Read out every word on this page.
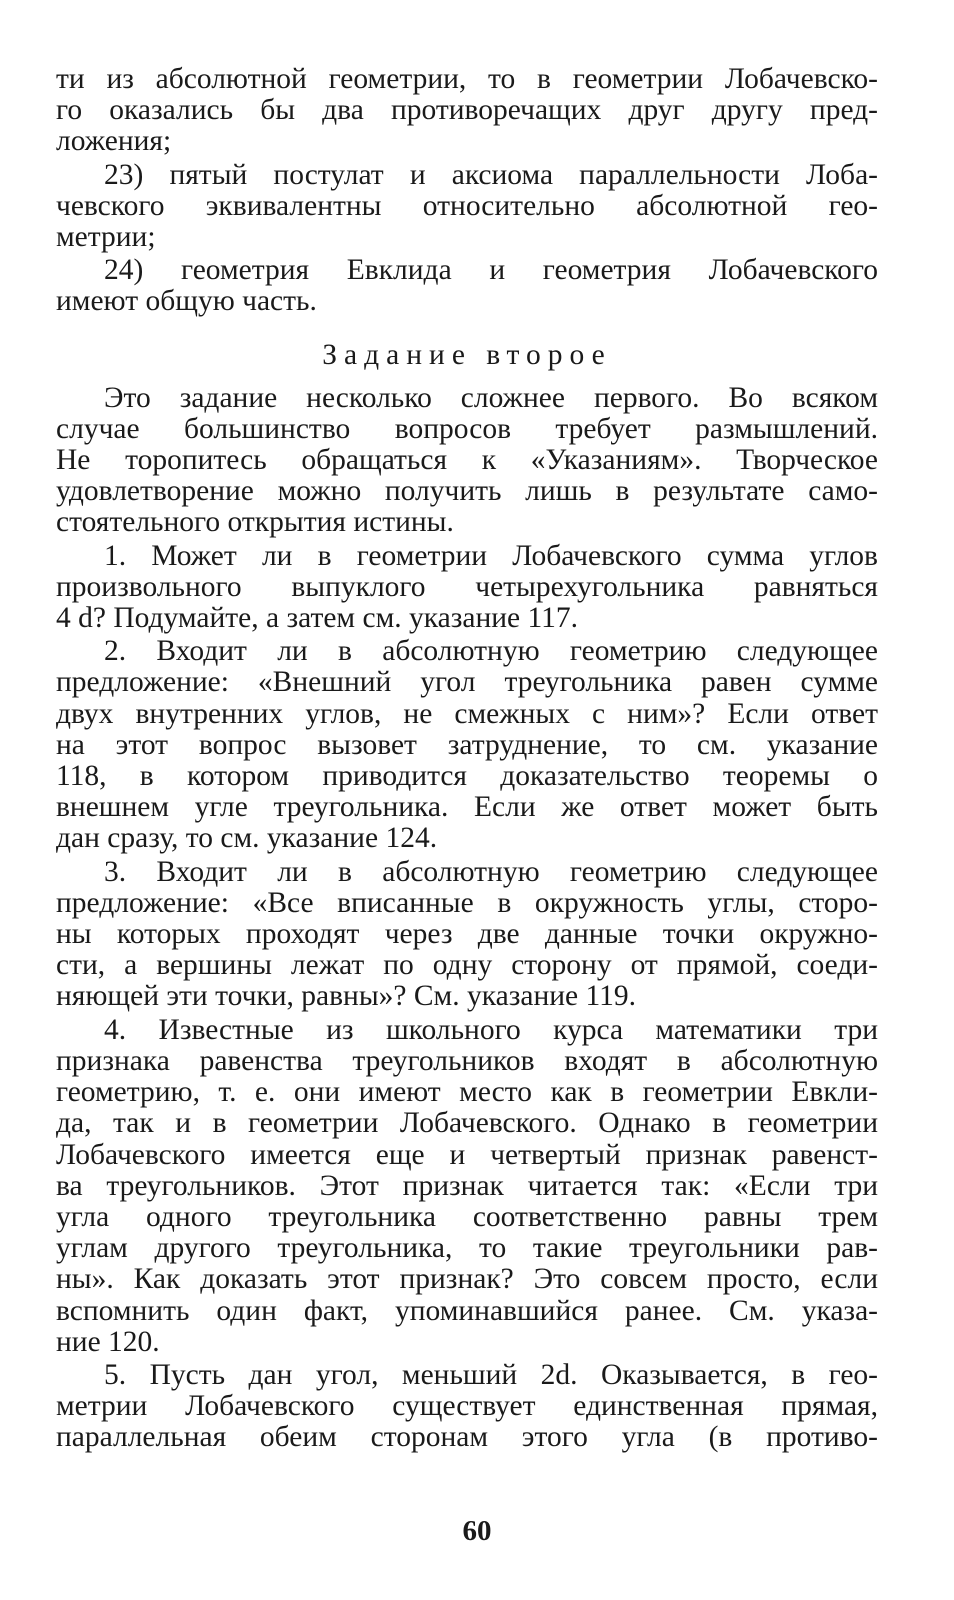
ти из абсолютной геометрии, то в геометрии Лобачевско-
го оказались бы два противоречащих друг другу пред-
ложения;
23) пятый постулат и аксиома параллельности Лоба-
чевского эквивалентны относительно абсолютной гео-
метрии;
24) геометрия Евклида и геометрия Лобачевского
имеют общую часть.
Задание второе
Это задание несколько сложнее первого. Во всяком
случае большинство вопросов требует размышлений.
Не торопитесь обращаться к «Указаниям». Творческое
удовлетворение можно получить лишь в результате само-
стоятельного открытия истины.
1. Может ли в геометрии Лобачевского сумма углов
произвольного выпуклого четырехугольника равняться
4 d? Подумайте, а затем см. указание 117.
2. Входит ли в абсолютную геометрию следующее
предложение: «Внешний угол треугольника равен сумме
двух внутренних углов, не смежных с ним»? Если ответ
на этот вопрос вызовет затруднение, то см. указание
118, в котором приводится доказательство теоремы о
внешнем угле треугольника. Если же ответ может быть
дан сразу, то см. указание 124.
3. Входит ли в абсолютную геометрию следующее
предложение: «Все вписанные в окружность углы, сторо-
ны которых проходят через две данные точки окружно-
сти, а вершины лежат по одну сторону от прямой, соеди-
няющей эти точки, равны»? См. указание 119.
4. Известные из школьного курса математики три
признака равенства треугольников входят в абсолютную
геометрию, т. е. они имеют место как в геометрии Евкли-
да, так и в геометрии Лобачевского. Однако в геометрии
Лобачевского имеется еще и четвертый признак равенст-
ва треугольников. Этот признак читается так: «Если три
угла одного треугольника соответственно равны трем
углам другого треугольника, то такие треугольники рав-
ны». Как доказать этот признак? Это совсем просто, если
вспомнить один факт, упоминавшийся ранее. См. указа-
ние 120.
5. Пусть дан угол, меньший 2d. Оказывается, в гео-
метрии Лобачевского существует единственная прямая,
параллельная обеим сторонам этого угла (в противо-
60
